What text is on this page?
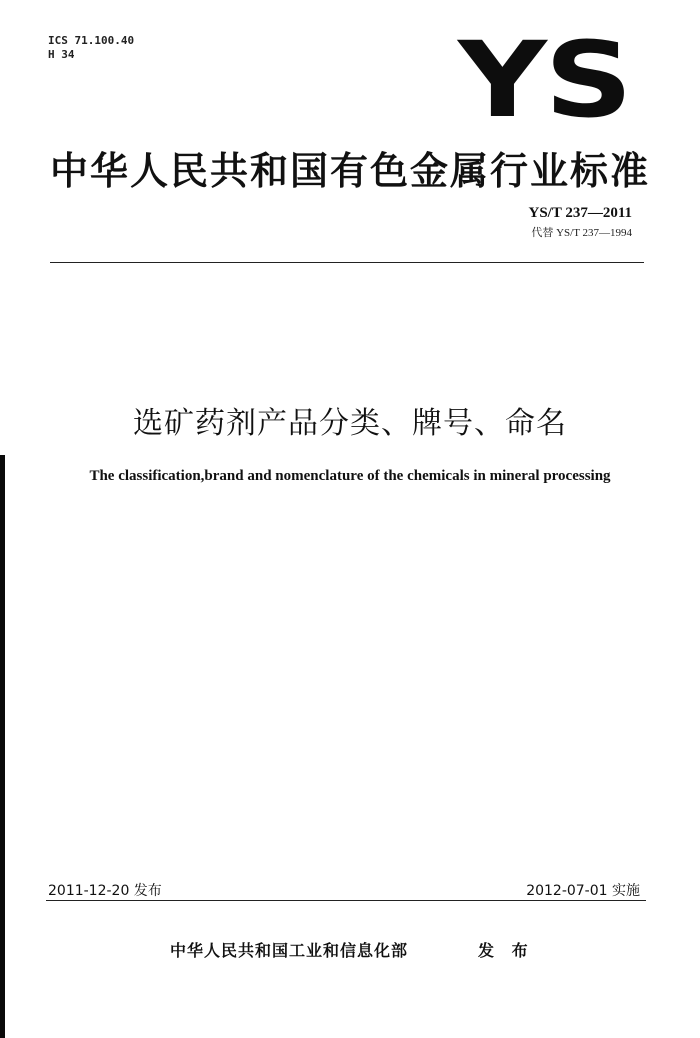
ICS 71.100.40
H 34	YS
中华人民共和国有色金属行业标准
YS/T 237—2011
代替 YS/T 237—1994
选矿药剂产品分类、牌号、命名
The classification,brand and nomenclature of the chemicals in mineral processing
2011-12-20 发布	2012-07-01 实施
中华人民共和国工业和信息化部	发 布
